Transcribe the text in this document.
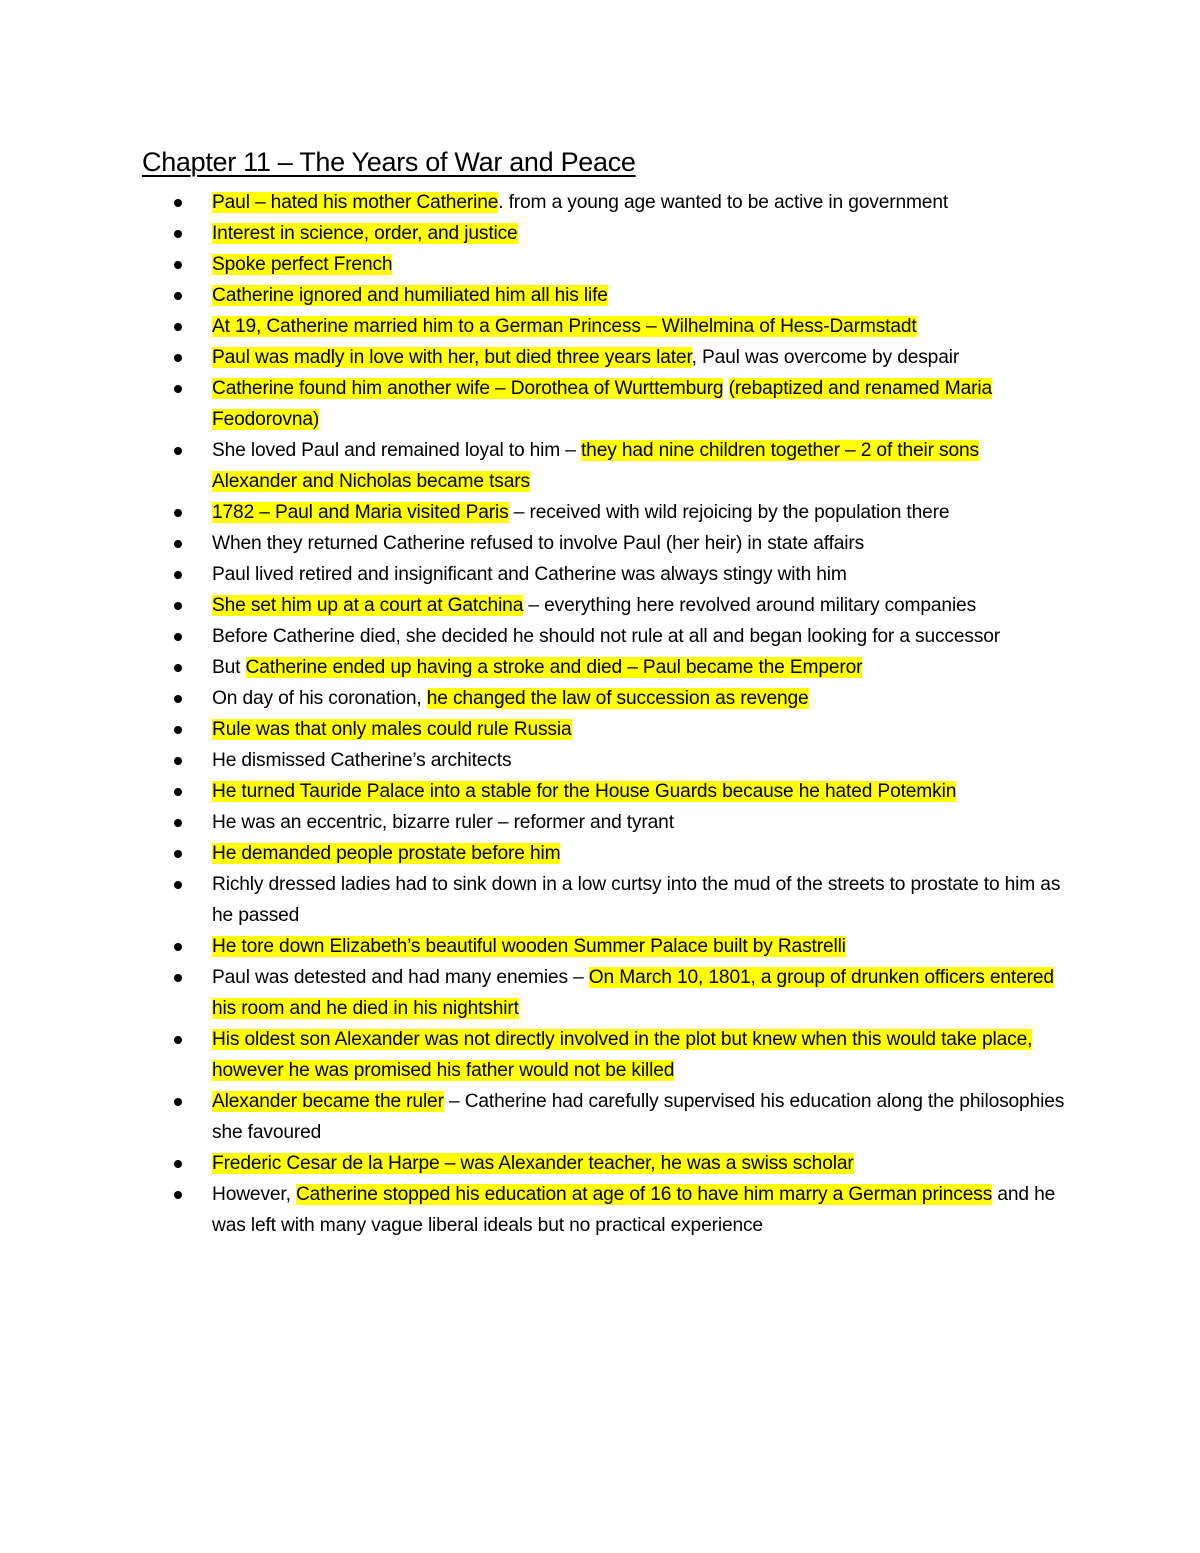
Chapter 11 – The Years of War and Peace
Paul – hated his mother Catherine. from a young age wanted to be active in government
Interest in science, order, and justice
Spoke perfect French
Catherine ignored and humiliated him all his life
At 19, Catherine married him to a German Princess – Wilhelmina of Hess-Darmstadt
Paul was madly in love with her, but died three years later, Paul was overcome by despair
Catherine found him another wife – Dorothea of Wurttemburg (rebaptized and renamed Maria Feodorovna)
She loved Paul and remained loyal to him – they had nine children together – 2 of their sons Alexander and Nicholas became tsars
1782 – Paul and Maria visited Paris – received with wild rejoicing by the population there
When they returned Catherine refused to involve Paul (her heir) in state affairs
Paul lived retired and insignificant and Catherine was always stingy with him
She set him up at a court at Gatchina – everything here revolved around military companies
Before Catherine died, she decided he should not rule at all and began looking for a successor
But Catherine ended up having a stroke and died – Paul became the Emperor
On day of his coronation, he changed the law of succession as revenge
Rule was that only males could rule Russia
He dismissed Catherine’s architects
He turned Tauride Palace into a stable for the House Guards because he hated Potemkin
He was an eccentric, bizarre ruler – reformer and tyrant
He demanded people prostate before him
Richly dressed ladies had to sink down in a low curtsy into the mud of the streets to prostate to him as he passed
He tore down Elizabeth’s beautiful wooden Summer Palace built by Rastrelli
Paul was detested and had many enemies – On March 10, 1801, a group of drunken officers entered his room and he died in his nightshirt
His oldest son Alexander was not directly involved in the plot but knew when this would take place, however he was promised his father would not be killed
Alexander became the ruler – Catherine had carefully supervised his education along the philosophies she favoured
Frederic Cesar de la Harpe – was Alexander teacher, he was a swiss scholar
However, Catherine stopped his education at age of 16 to have him marry a German princess and he was left with many vague liberal ideals but no practical experience
